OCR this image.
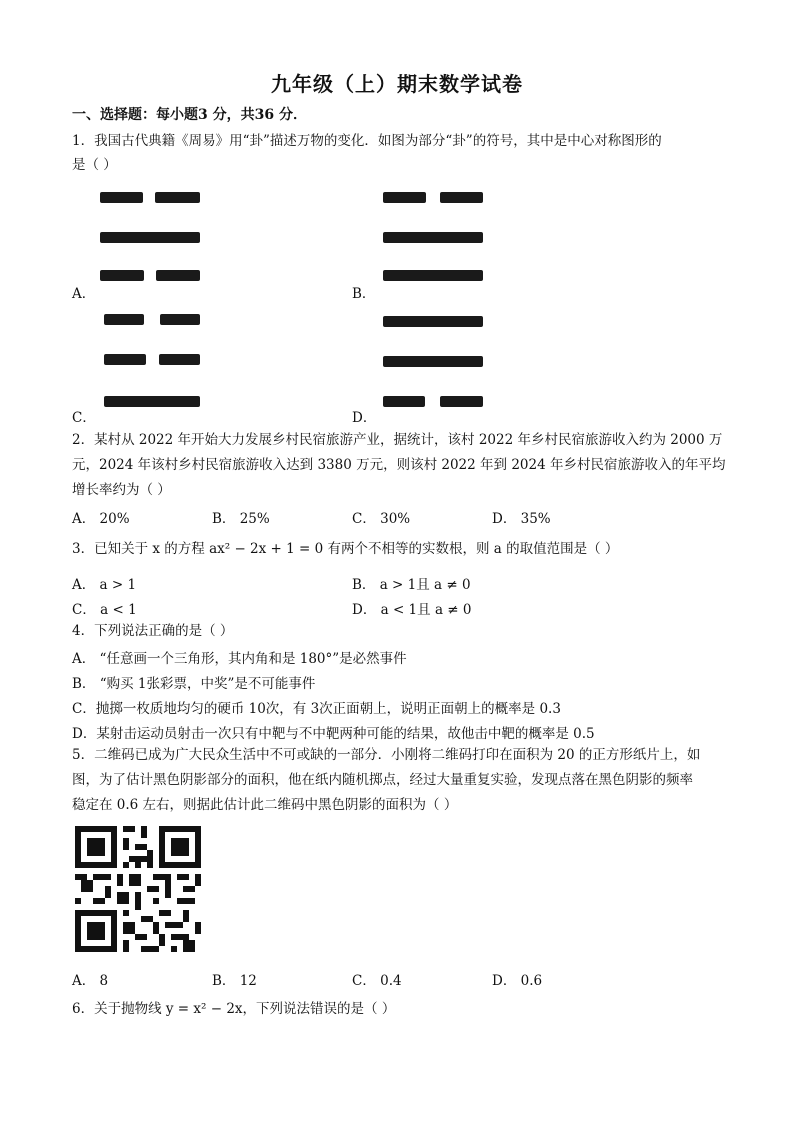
九年级（上）期末数学试卷
一、选择题：每小题3 分，共36 分．
1．我国古代典籍《周易》用“卦”描述万物的变化．如图为部分“卦”的符号，其中是中心对称图形的
是（ ）
A．	B．
C．	D．
2．某村从 2022 年开始大力发展乡村民宿旅游产业，据统计，该村 2022 年乡村民宿旅游收入约为 2000 万
元，2024 年该村乡村民宿旅游收入达到 3380 万元，则该村 2022 年到 2024 年乡村民宿旅游收入的年平均
增长率约为（ ）
A． 20%	B． 25%	C． 30%	D． 35%
3．已知关于 x 的方程 ax² − 2x + 1 = 0 有两个不相等的实数根，则 a 的取值范围是（ ）
A． a > 1	B． a > 1且 a ≠ 0
C． a < 1	D． a < 1且 a ≠ 0
4．下列说法正确的是（ ）
A． “任意画一个三角形，其内角和是 180°”是必然事件
B． “购买 1张彩票，中奖”是不可能事件
C．抛掷一枚质地均匀的硬币 10次，有 3次正面朝上，说明正面朝上的概率是 0.3
D．某射击运动员射击一次只有中靶与不中靶两种可能的结果，故他击中靶的概率是 0.5
5．二维码已成为广大民众生活中不可或缺的一部分．小刚将二维码打印在面积为 20 的正方形纸片上，如
图，为了估计黑色阴影部分的面积，他在纸内随机掷点，经过大量重复实验，发现点落在黑色阴影的频率
稳定在 0.6 左右，则据此估计此二维码中黑色阴影的面积为（ ）
A． 8	B． 12	C． 0.4	D． 0.6
6．关于抛物线 y = x² − 2x，下列说法错误的是（ ）
